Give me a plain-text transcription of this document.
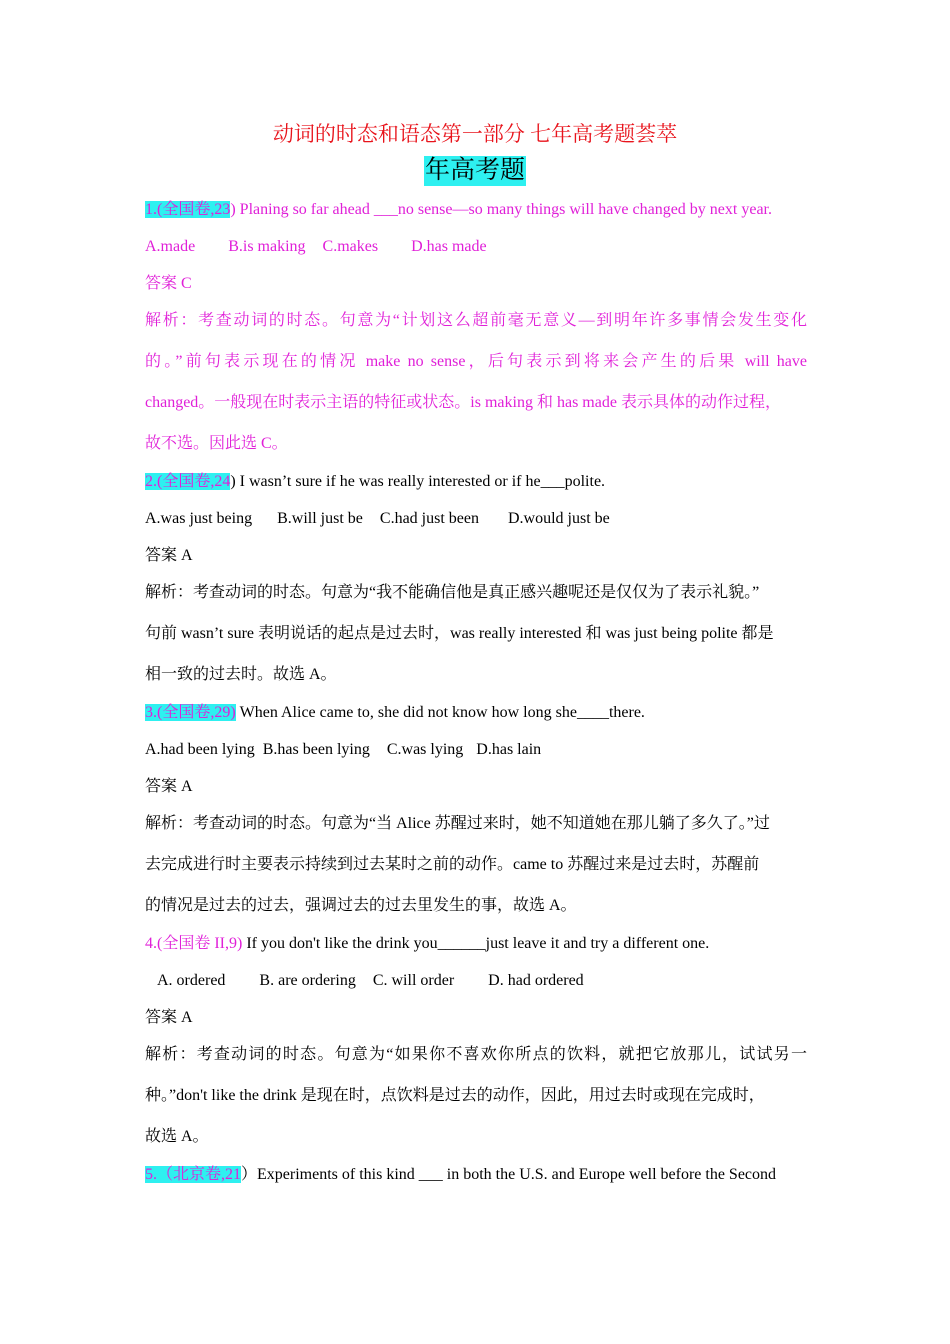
动词的时态和语态第一部分 七年高考题荟萃
年高考题
1.(全国卷,23) Planing so far ahead ___no sense—so many things will have changed by next year.
A.made B.is making C.makes D.has made
答案 C
解析：考查动词的时态。句意为“计划这么超前毫无意义—到明年许多事情会发生变化
的。”前句表示现在的情况 make no sense，后句表示到将来会产生的后果 will have
changed。一般现在时表示主语的特征或状态。is making 和 has made 表示具体的动作过程，
故不选。因此选 C。
2.(全国卷,24) I wasn’t sure if he was really interested or if he___polite.
A.was just being B.will just be C.had just been D.would just be
答案 A
解析：考查动词的时态。句意为“我不能确信他是真正感兴趣呢还是仅仅为了表示礼貌。”
句前 wasn’t sure 表明说话的起点是过去时，was really interested 和 was just being polite 都是
相一致的过去时。故选 A。
3.(全国卷,29) When Alice came to, she did not know how long she____there.
A.had been lying B.has been lying C.was lying D.has lain
答案 A
解析：考查动词的时态。句意为“当 Alice 苏醒过来时，她不知道她在那儿躺了多久了。”过
去完成进行时主要表示持续到过去某时之前的动作。came to 苏醒过来是过去时，苏醒前
的情况是过去的过去，强调过去的过去里发生的事，故选 A。
4.(全国卷 II,9) If you don't like the drink you______just leave it and try a different one.
A. ordered B. are ordering C. will order D. had ordered
答案 A
解析：考查动词的时态。句意为“如果你不喜欢你所点的饮料，就把它放那儿，试试另一
种。”don't like the drink 是现在时，点饮料是过去的动作，因此，用过去时或现在完成时，
故选 A。
5.（北京卷,21）Experiments of this kind ___ in both the U.S. and Europe well before the Second
